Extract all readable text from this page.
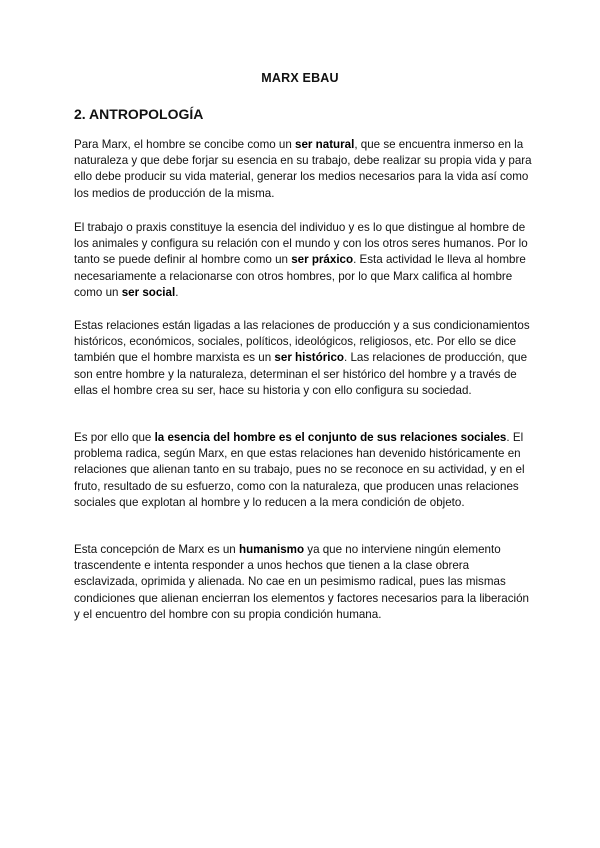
MARX EBAU
2. ANTROPOLOGÍA

Para Marx, el hombre se concibe como un ser natural, que se encuentra inmerso en la naturaleza y que debe forjar su esencia en su trabajo, debe realizar su propia vida y para ello debe producir su vida material, generar los medios necesarios para la vida así como los medios de producción de la misma.

El trabajo o praxis constituye la esencia del individuo y es lo que distingue al hombre de los animales y configura su relación con el mundo y con los otros seres humanos. Por lo tanto se puede definir al hombre como un ser práxico. Esta actividad le lleva al hombre necesariamente a relacionarse con otros hombres, por lo que Marx califica al hombre como un ser social.

Estas relaciones están ligadas a las relaciones de producción y a sus condicionamientos históricos, económicos, sociales, políticos, ideológicos, religiosos, etc. Por ello se dice también que el hombre marxista es un ser histórico. Las relaciones de producción, que son entre hombre y la naturaleza, determinan el ser histórico del hombre y a través de ellas el hombre crea su ser, hace su historia y con ello configura su sociedad.

Es por ello que la esencia del hombre es el conjunto de sus relaciones sociales. El problema radica, según Marx, en que estas relaciones han devenido históricamente en relaciones que alienan tanto en su trabajo, pues no se reconoce en su actividad, y en el fruto, resultado de su esfuerzo, como con la naturaleza, que producen unas relaciones sociales que explotan al hombre y lo reducen a la mera condición de objeto.

Esta concepción de Marx es un humanismo ya que no interviene ningún elemento trascendente e intenta responder a unos hechos que tienen a la clase obrera esclavizada, oprimida y alienada. No cae en un pesimismo radical, pues las mismas condiciones que alienan encierran los elementos y factores necesarios para la liberación y el encuentro del hombre con su propia condición humana.
